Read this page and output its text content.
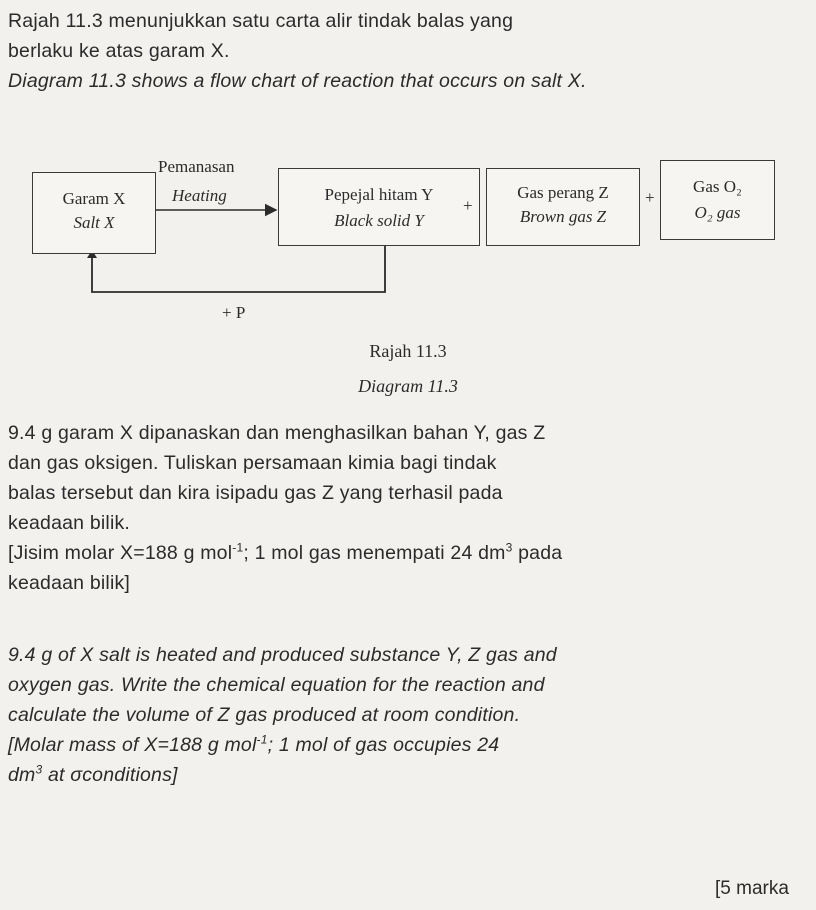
Rajah 11.3 menunjukkan satu carta alir tindak balas yang

berlaku ke atas garam X.

Diagram 11.3 shows a flow chart of reaction that occurs on salt X.

Garam X
Salt X
Pemanasan
Heating	Pepejal hitam Y
Black solid Y
+
Gas perang Z
Brown gas Z
+
Gas O₂
O₂ gas
+ P
Rajah 11.3
Diagram 11.3

9.4 g garam X dipanaskan dan menghasilkan bahan Y, gas Z

dan gas oksigen. Tuliskan persamaan kimia bagi tindak

balas tersebut dan kira isipadu gas Z yang terhasil pada

keadaan bilik.

[Jisim molar X=188 g mol$^{-1}$; 1 mol gas menempati 24 $dm^3$ pada

keadaan bilik]

9.4 g of X salt is heated and produced substance Y, Z gas and

oxygen gas. Write the chemical equation for the reaction and

calculate the volume of Z gas produced at room condition.

[Molar mass of X=188 g mol$^{-1}$; 1 mol of gas occupies 24

$dm^3$ at σconditions]

[5 marka
